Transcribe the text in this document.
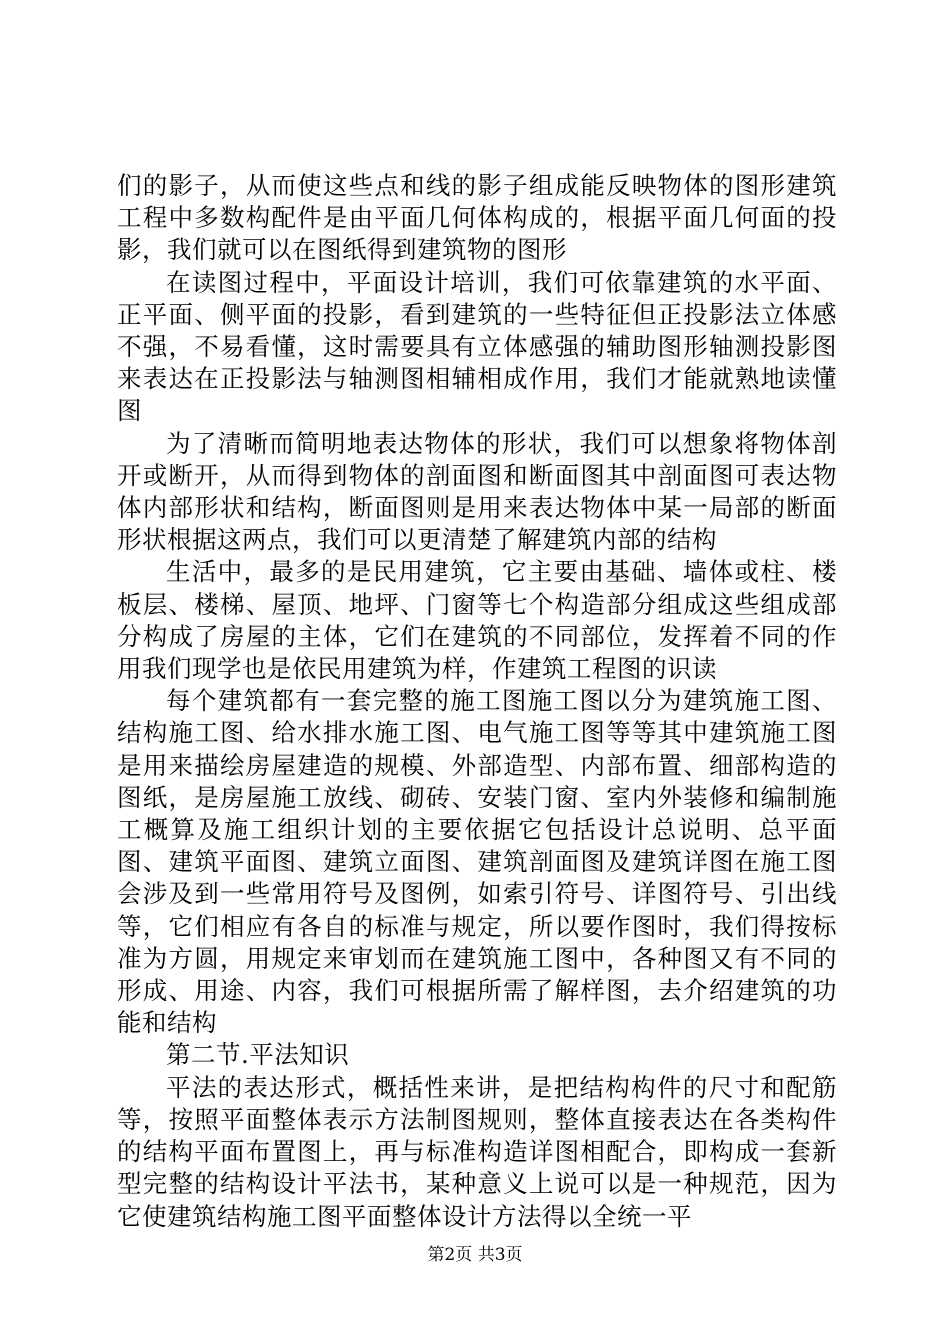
们的影子，从而使这些点和线的影子组成能反映物体的图形建筑工程中多数构配件是由平面几何体构成的，根据平面几何面的投影，我们就可以在图纸得到建筑物的图形

在读图过程中，平面设计培训，我们可依靠建筑的水平面、正平面、侧平面的投影，看到建筑的一些特征但正投影法立体感不强，不易看懂，这时需要具有立体感强的辅助图形轴测投影图来表达在正投影法与轴测图相辅相成作用，我们才能就熟地读懂图

为了清晰而简明地表达物体的形状，我们可以想象将物体剖开或断开，从而得到物体的剖面图和断面图其中剖面图可表达物体内部形状和结构，断面图则是用来表达物体中某一局部的断面形状根据这两点，我们可以更清楚了解建筑内部的结构

生活中，最多的是民用建筑，它主要由基础、墙体或柱、楼板层、楼梯、屋顶、地坪、门窗等七个构造部分组成这些组成部分构成了房屋的主体，它们在建筑的不同部位，发挥着不同的作用我们现学也是依民用建筑为样，作建筑工程图的识读

每个建筑都有一套完整的施工图施工图以分为建筑施工图、结构施工图、给水排水施工图、电气施工图等等其中建筑施工图是用来描绘房屋建造的规模、外部造型、内部布置、细部构造的图纸，是房屋施工放线、砌砖、安装门窗、室内外装修和编制施工概算及施工组织计划的主要依据它包括设计总说明、总平面图、建筑平面图、建筑立面图、建筑剖面图及建筑详图在施工图会涉及到一些常用符号及图例，如索引符号、详图符号、引出线等，它们相应有各自的标准与规定，所以要作图时，我们得按标准为方圆，用规定来审划而在建筑施工图中，各种图又有不同的形成、用途、内容，我们可根据所需了解样图，去介绍建筑的功能和结构

第二节.平法知识

平法的表达形式，概括性来讲，是把结构构件的尺寸和配筋等，按照平面整体表示方法制图规则，整体直接表达在各类构件的结构平面布置图上，再与标准构造详图相配合，即构成一套新型完整的结构设计平法书，某种意义上说可以是一种规范，因为它使建筑结构施工图平面整体设计方法得以全统一平

第2页 共3页
